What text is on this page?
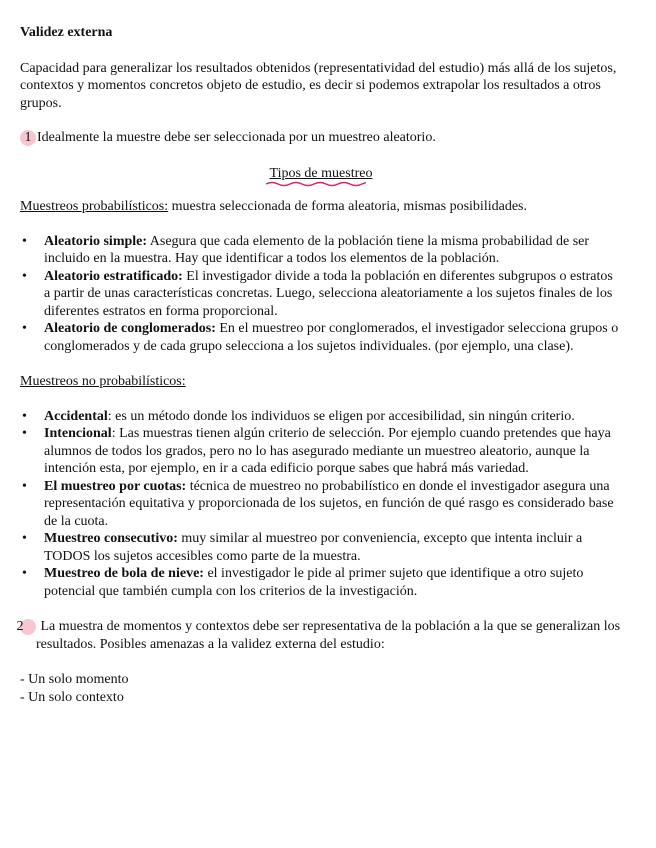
Validez externa

Capacidad para generalizar los resultados obtenidos (representatividad del estudio) más allá de los sujetos, contextos y momentos concretos objeto de estudio, es decir si podemos extrapolar los resultados a otros grupos.

1 Idealmente la muestre debe ser seleccionada por un muestreo aleatorio.

Tipos de muestreo

Muestreos probabilísticos: muestra seleccionada de forma aleatoria, mismas posibilidades.

• Aleatorio simple: Asegura que cada elemento de la población tiene la misma probabilidad de ser incluido en la muestra. Hay que identificar a todos los elementos de la población.
• Aleatorio estratificado: El investigador divide a toda la población en diferentes subgrupos o estratos a partir de unas características concretas. Luego, selecciona aleatoriamente a los sujetos finales de los diferentes estratos en forma proporcional.
• Aleatorio de conglomerados: En el muestreo por conglomerados, el investigador selecciona grupos o conglomerados y de cada grupo selecciona a los sujetos individuales. (por ejemplo, una clase).

Muestreos no probabilísticos:

• Accidental: es un método donde los individuos se eligen por accesibilidad, sin ningún criterio.
• Intencional: Las muestras tienen algún criterio de selección. Por ejemplo cuando pretendes que haya alumnos de todos los grados, pero no lo has asegurado mediante un muestreo aleatorio, aunque la intención esta, por ejemplo, en ir a cada edificio porque sabes que habrá más variedad.
• El muestreo por cuotas: técnica de muestreo no probabilístico en donde el investigador asegura una representación equitativa y proporcionada de los sujetos, en función de qué rasgo es considerado base de la cuota.
• Muestreo consecutivo: muy similar al muestreo por conveniencia, excepto que intenta incluir a TODOS los sujetos accesibles como parte de la muestra.
• Muestreo de bola de nieve: el investigador le pide al primer sujeto que identifique a otro sujeto potencial que también cumpla con los criterios de la investigación.

2 La muestra de momentos y contextos debe ser representativa de la población a la que se generalizan los resultados. Posibles amenazas a la validez externa del estudio:

- Un solo momento

- Un solo contexto
